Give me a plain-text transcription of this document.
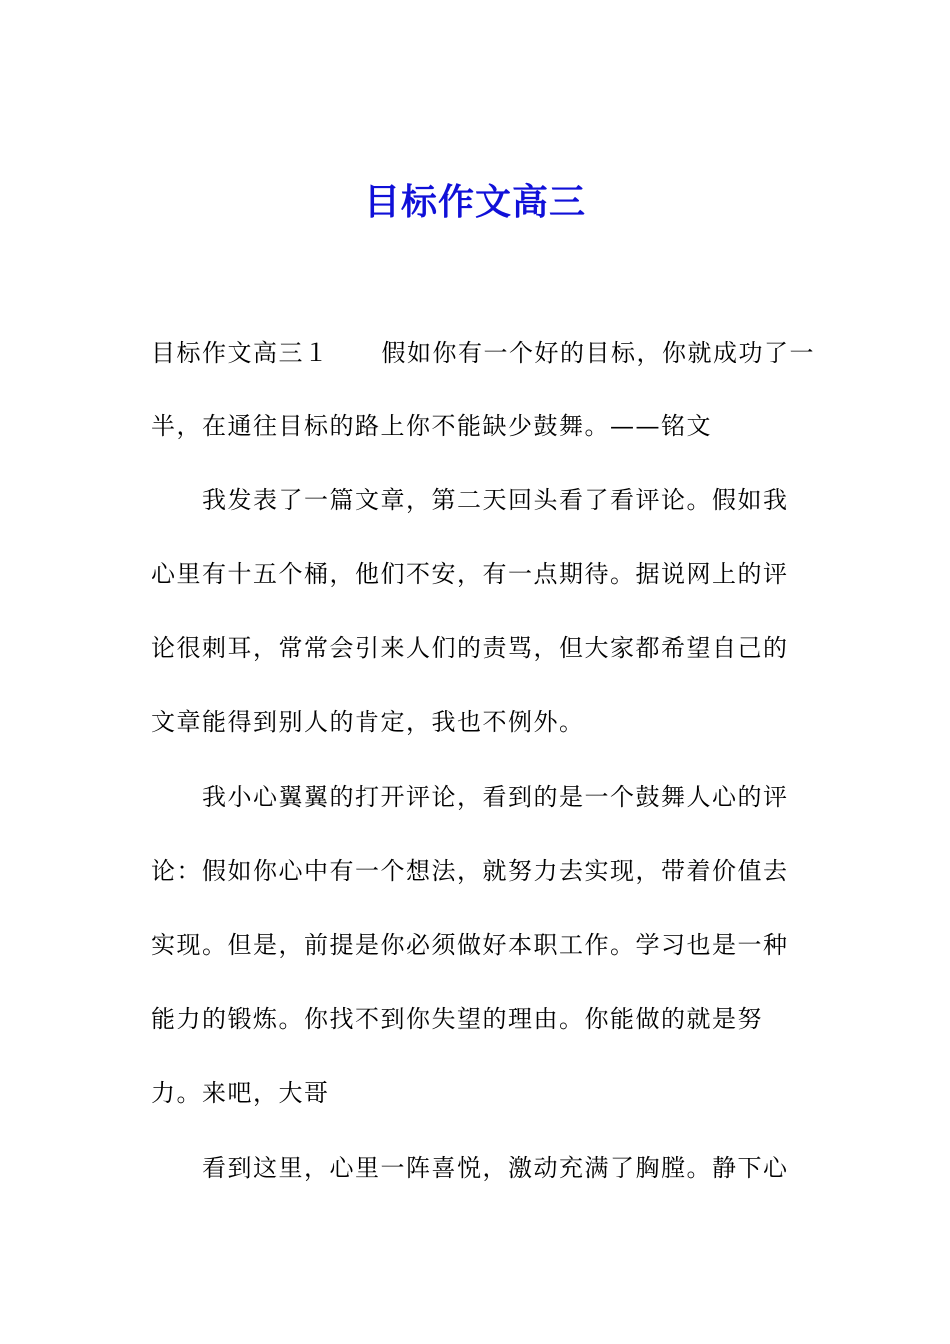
目标作文高三
目标作文高三１ 假如你有一个好的目标，你就成功了一
半，在通往目标的路上你不能缺少鼓舞。——铭文
我发表了一篇文章，第二天回头看了看评论。假如我
心里有十五个桶，他们不安，有一点期待。据说网上的评
论很刺耳，常常会引来人们的责骂，但大家都希望自己的
文章能得到别人的肯定，我也不例外。
我小心翼翼的打开评论，看到的是一个鼓舞人心的评
论：假如你心中有一个想法，就努力去实现，带着价值去
实现。但是，前提是你必须做好本职工作。学习也是一种
能力的锻炼。你找不到你失望的理由。你能做的就是努
力。来吧，大哥
看到这里，心里一阵喜悦，激动充满了胸膛。静下心
